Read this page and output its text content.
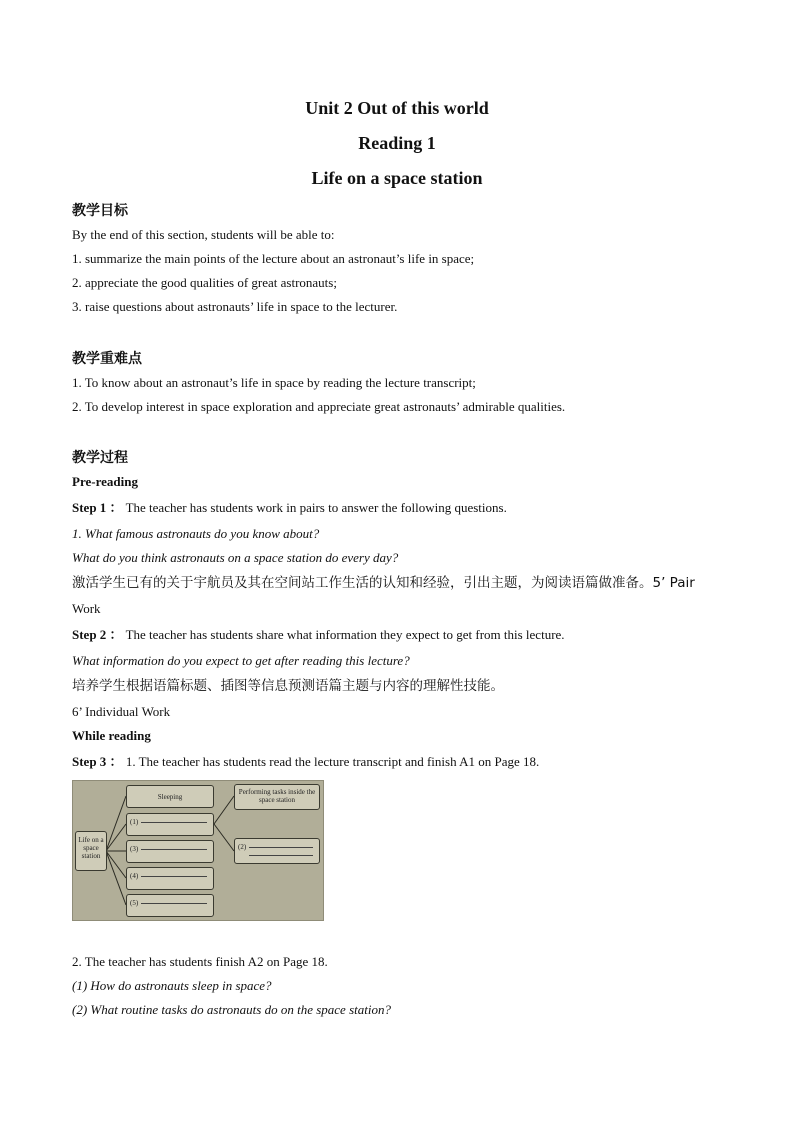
Unit 2 Out of this world
Reading 1
Life on a space station
教学目标
By the end of this section, students will be able to:
1. summarize the main points of the lecture about an astronaut’s life in space;
2. appreciate the good qualities of great astronauts;
3. raise questions about astronauts’ life in space to the lecturer.
教学重难点
1. To know about an astronaut’s life in space by reading the lecture transcript;
2. To develop interest in space exploration and appreciate great astronauts’ admirable qualities.
教学过程
Pre-reading
Step 1 ： The teacher has students work in pairs to answer the following questions.
1. What famous astronauts do you know about?
What do you think astronauts on a space station do every day?
激活学生已有的关于宇航员及其在空间站工作生活的认知和经验，引出主题，为阅读语篇做准备。5’ Pair
Work
Step 2 ： The teacher has students share what information they expect to get from this lecture.
What information do you expect to get after reading this lecture?
培养学生根据语篇标题、插图等信息预测语篇主题与内容的理解性技能。
6’ Individual Work
While reading
Step 3 ： 1. The teacher has students read the lecture transcript and finish A1 on Page 18.
Life on a space station
Sleeping
(1)
(3)
(4)
(5)
Performing tasks inside the space station
(2)
2. The teacher has students finish A2 on Page 18.
(1) How do astronauts sleep in space?
(2) What routine tasks do astronauts do on the space station?
